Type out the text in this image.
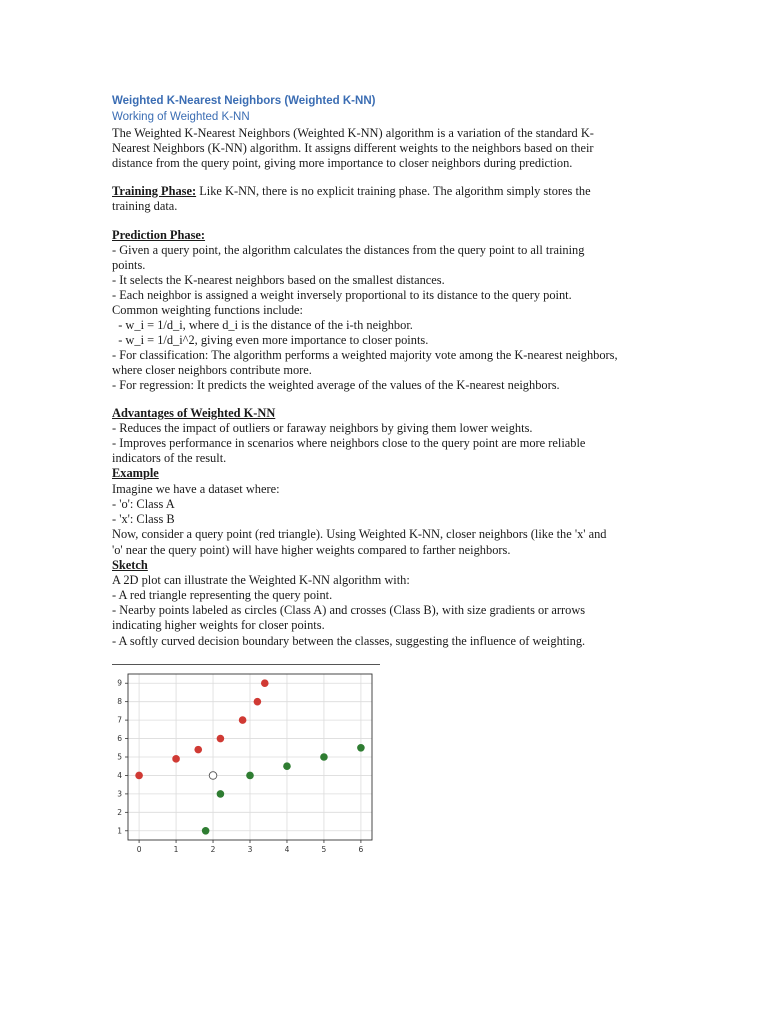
Weighted K-Nearest Neighbors (Weighted K-NN)
Working of Weighted K-NN
The Weighted K-Nearest Neighbors (Weighted K-NN) algorithm is a variation of the standard K-
Nearest Neighbors (K-NN) algorithm. It assigns different weights to the neighbors based on their
distance from the query point, giving more importance to closer neighbors during prediction.
Training Phase: Like K-NN, there is no explicit training phase. The algorithm simply stores the
training data.
Prediction Phase:
- Given a query point, the algorithm calculates the distances from the query point to all training
points.
- It selects the K-nearest neighbors based on the smallest distances.
- Each neighbor is assigned a weight inversely proportional to its distance to the query point.
Common weighting functions include:
- w_i = 1/d_i, where d_i is the distance of the i-th neighbor.
- w_i = 1/d_i^2, giving even more importance to closer points.
- For classification: The algorithm performs a weighted majority vote among the K-nearest neighbors,
where closer neighbors contribute more.
- For regression: It predicts the weighted average of the values of the K-nearest neighbors.
Advantages of Weighted K-NN
- Reduces the impact of outliers or faraway neighbors by giving them lower weights.
- Improves performance in scenarios where neighbors close to the query point are more reliable
indicators of the result.
Example
Imagine we have a dataset where:
- 'o': Class A
- 'x': Class B
Now, consider a query point (red triangle). Using Weighted K-NN, closer neighbors (like the 'x' and
'o' near the query point) will have higher weights compared to farther neighbors.
Sketch
A 2D plot can illustrate the Weighted K-NN algorithm with:
- A red triangle representing the query point.
- Nearby points labeled as circles (Class A) and crosses (Class B), with size gradients or arrows
indicating higher weights for closer points.
- A softly curved decision boundary between the classes, suggesting the influence of weighting.
0	1	2	3	4	5	6
1
2
3
4
5
6
7
8
9
